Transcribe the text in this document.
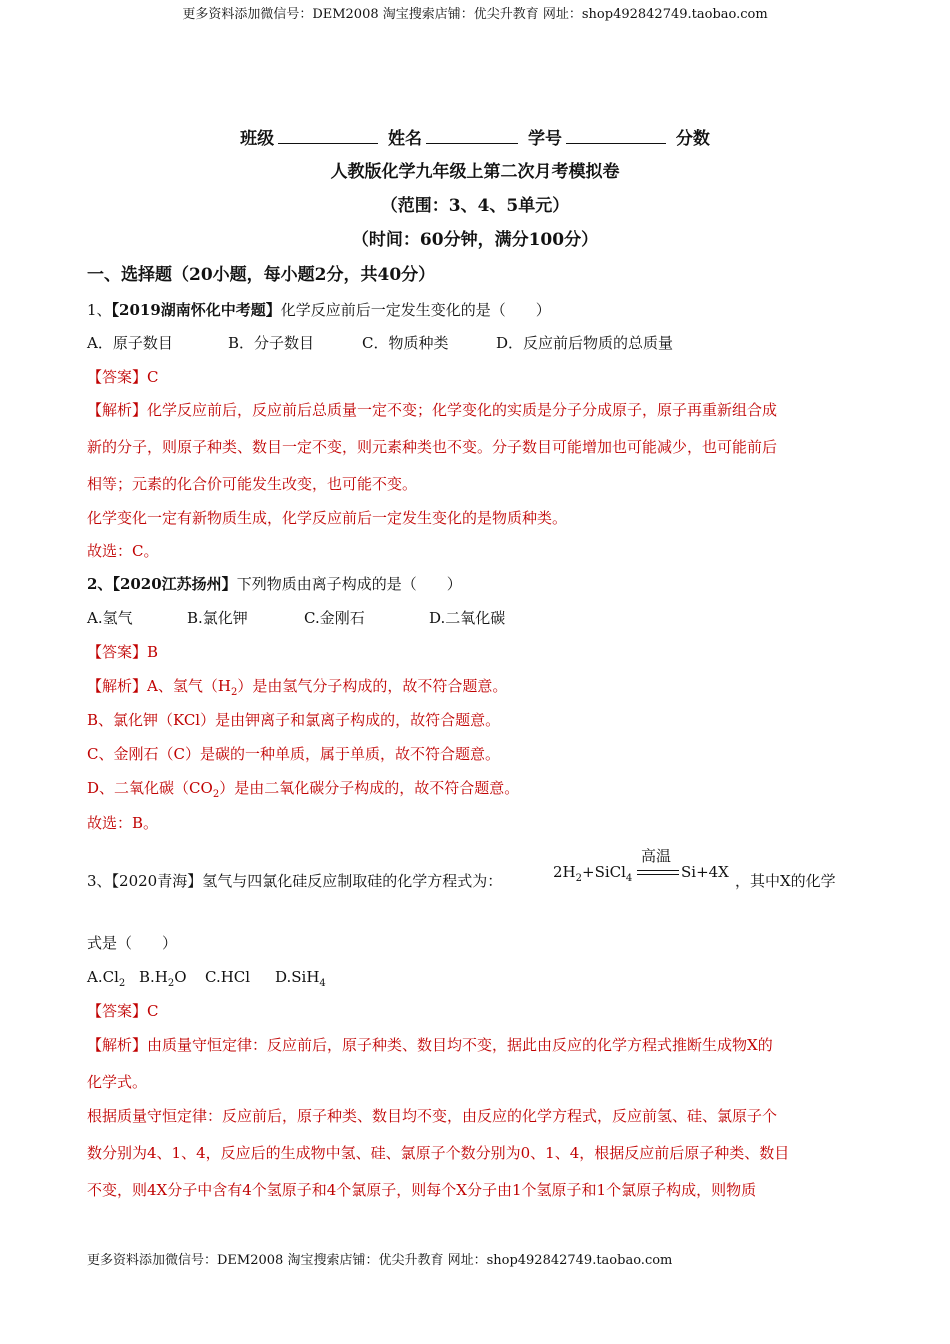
更多资料添加微信号：DEM2008 淘宝搜索店铺：优尖升教育 网址：shop492842749.taobao.com
班级	姓名	学号	分数
人教版化学九年级上第二次月考模拟卷
（范围：3、4、5单元）
（时间：60分钟，满分100分）
一、选择题（20小题，每小题2分，共40分）
1、【2019湖南怀化中考题】化学反应前后一定发生变化的是（　　）
A．原子数目	B．分子数目	C．物质种类	D．反应前后物质的总质量
【答案】C
【解析】化学反应前后，反应前后总质量一定不变；化学变化的实质是分子分成原子，原子再重新组合成
新的分子，则原子种类、数目一定不变，则元素种类也不变。分子数目可能增加也可能减少，也可能前后
相等；元素的化合价可能发生改变，也可能不变。
化学变化一定有新物质生成，化学反应前后一定发生变化的是物质种类。
故选：C。
2、【2020江苏扬州】下列物质由离子构成的是（　　）
A.氢气	B.氯化钾	C.金刚石	D.二氧化碳
【答案】B
【解析】A、氢气$(H_2)$是由氢气分子构成的，故不符合题意。
B、氯化钾（KCl）是由钾离子和氯离子构成的，故符合题意。
C、金刚石（C）是碳的一种单质，属于单质，故不符合题意。
D、二氧化碳$(CO_2)$是由二氧化碳分子构成的，故不符合题意。
故选：B。
3、【2020青海】氢气与四氯化硅反应制取硅的化学方程式为：	$2H_2+SiCl_4$
高温
Si+4X ，其中X的化学
式是（　　）
$A.Cl_2$ $B.H_2O$ C.HCl D.SiH$_4$
【答案】C
【解析】由质量守恒定律：反应前后，原子种类、数目均不变，据此由反应的化学方程式推断生成物X的
化学式。
根据质量守恒定律：反应前后，原子种类、数目均不变，由反应的化学方程式，反应前氢、硅、氯原子个
数分别为4、1、4，反应后的生成物中氢、硅、氯原子个数分别为0、1、4，根据反应前后原子种类、数目
不变，则4X分子中含有4个氢原子和4个氯原子，则每个X分子由1个氢原子和1个氯原子构成，则物质
更多资料添加微信号：DEM2008 淘宝搜索店铺：优尖升教育 网址：shop492842749.taobao.com
